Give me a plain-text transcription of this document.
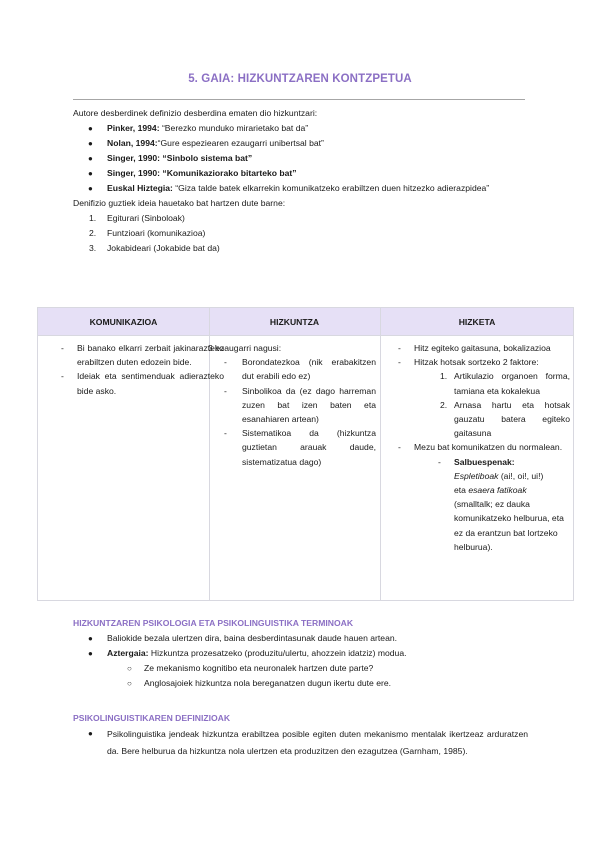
5. GAIA: HIZKUNTZAREN KONTZPETUA

Autore desberdinek definizio desberdina ematen dio hizkuntzari:

● Pinker, 1994: “Berezko munduko mirarietako bat da”
● Nolan, 1994:“Gure espeziearen ezaugarri unibertsal bat”
● Singer, 1990: “Sinbolo sistema bat”
● Singer, 1990: “Komunikaziorako bitarteko bat”
● Euskal Hiztegia: “Giza talde batek elkarrekin komunikatzeko erabiltzen duen hitzezko adierazpidea”

Denifizio guztiek ideia hauetako bat hartzen dute barne:

1. Egiturari (Sinboloak)
2. Funtzioari (komunikazioa)
3. Jokabideari (Jokabide bat da)
KOMUNIKAZIOA	HIZKUNTZA	HIZKETA
- Bi banako elkarri zerbait jakinarazteko erabiltzen duten edozein bide.
- Ideiak eta sentimenduak adierazteko bide asko.
3 ezaugarri nagusi:
- Borondatezkoa (nik erabakitzen dut erabili edo ez)
- Sinbolikoa da (ez dago harreman zuzen bat izen baten eta esanahiaren artean)
- Sistematikoa da (hizkuntza guztietan arauak daude, sistematizatua dago)
- Hitz egiteko gaitasuna, bokalizazioa
- Hitzak hotsak sortzeko 2 faktore:
1. Artikulazio organoen forma, tamiana eta kokalekua
2. Arnasa hartu eta hotsak gauzatu batera egiteko gaitasuna
- Mezu bat komunikatzen du normalean.
- Salbuespenak:
Espletiboak (ai!, oi!, ui!)
eta esaera fatikoak
(smalltalk; ez dauka komunikatzeko helburua, eta ez da erantzun bat lortzeko helburua).
HIZKUNTZAREN PSIKOLOGIA ETA PSIKOLINGUISTIKA TERMINOAK
● Baliokide bezala ulertzen dira, baina desberdintasunak daude hauen artean.
● Aztergaia: Hizkuntza prozesatzeko (produzitu/ulertu, ahozzein idatziz) modua.
○ Ze mekanismo kognitibo eta neuronalek hartzen dute parte?
○ Anglosajoiek hizkuntza nola bereganatzen dugun ikertu dute ere.
PSIKOLINGUISTIKAREN DEFINIZIOAK
● Psikolinguistika jendeak hizkuntza erabiltzea posible egiten duten mekanismo mentalak ikertzeaz arduratzen da. Bere helburua da hizkuntza nola ulertzen eta produzitzen den ezagutzea (Garnham, 1985).
